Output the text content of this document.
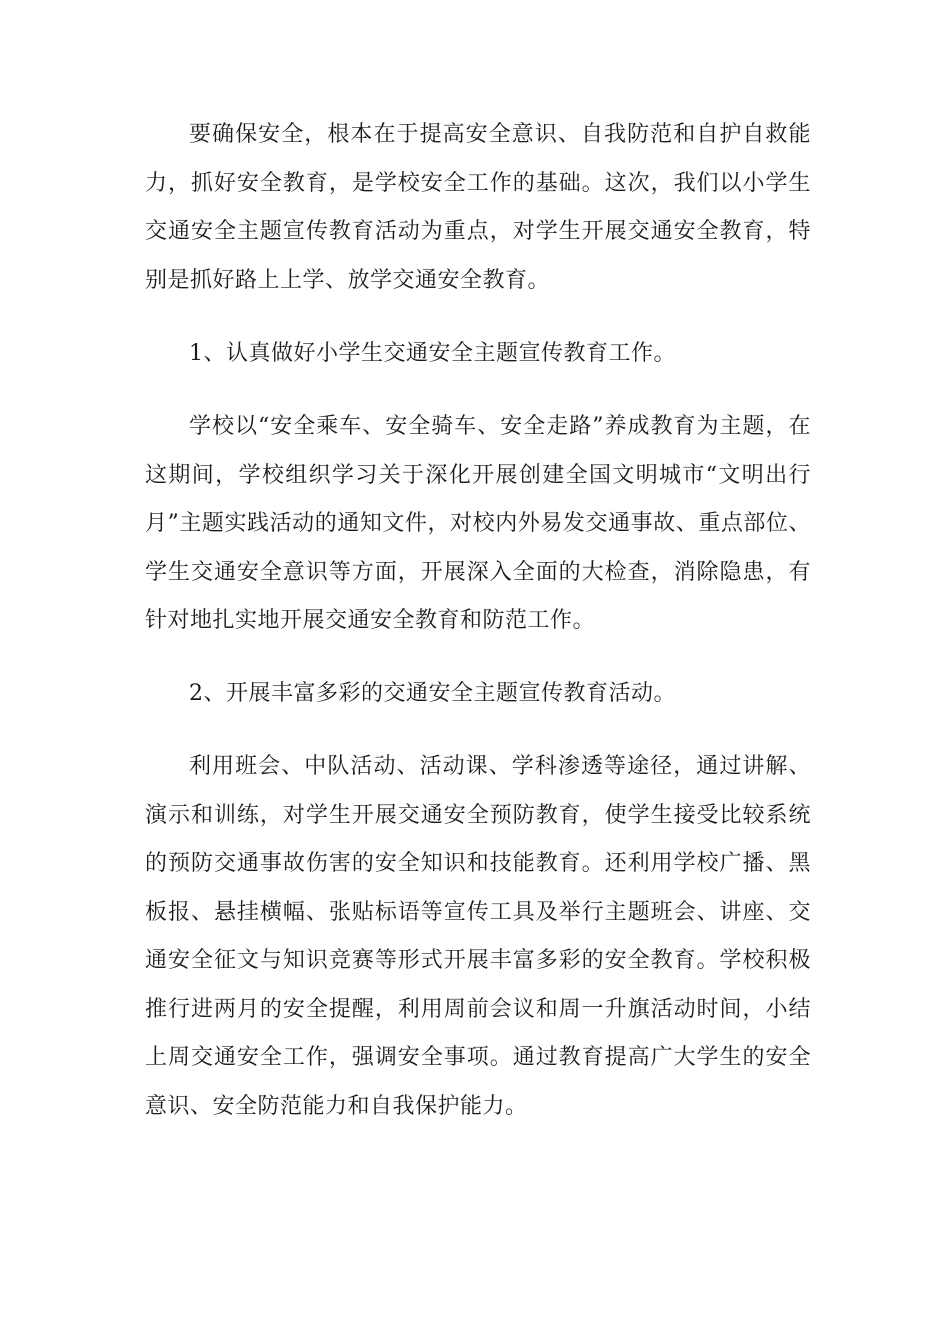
要确保安全，根本在于提高安全意识、自我防范和自护自救能力，抓好安全教育，是学校安全工作的基础。这次，我们以小学生交通安全主题宣传教育活动为重点，对学生开展交通安全教育，特别是抓好路上上学、放学交通安全教育。

1、认真做好小学生交通安全主题宣传教育工作。

学校以“安全乘车、安全骑车、安全走路”养成教育为主题，在这期间，学校组织学习关于深化开展创建全国文明城市“文明出行月”主题实践活动的通知文件，对校内外易发交通事故、重点部位、学生交通安全意识等方面，开展深入全面的大检查，消除隐患，有针对地扎实地开展交通安全教育和防范工作。

2、开展丰富多彩的交通安全主题宣传教育活动。

利用班会、中队活动、活动课、学科渗透等途径，通过讲解、演示和训练，对学生开展交通安全预防教育，使学生接受比较系统的预防交通事故伤害的安全知识和技能教育。还利用学校广播、黑板报、悬挂横幅、张贴标语等宣传工具及举行主题班会、讲座、交通安全征文与知识竞赛等形式开展丰富多彩的安全教育。学校积极推行进两月的安全提醒，利用周前会议和周一升旗活动时间，小结上周交通安全工作，强调安全事项。通过教育提高广大学生的安全意识、安全防范能力和自我保护能力。
